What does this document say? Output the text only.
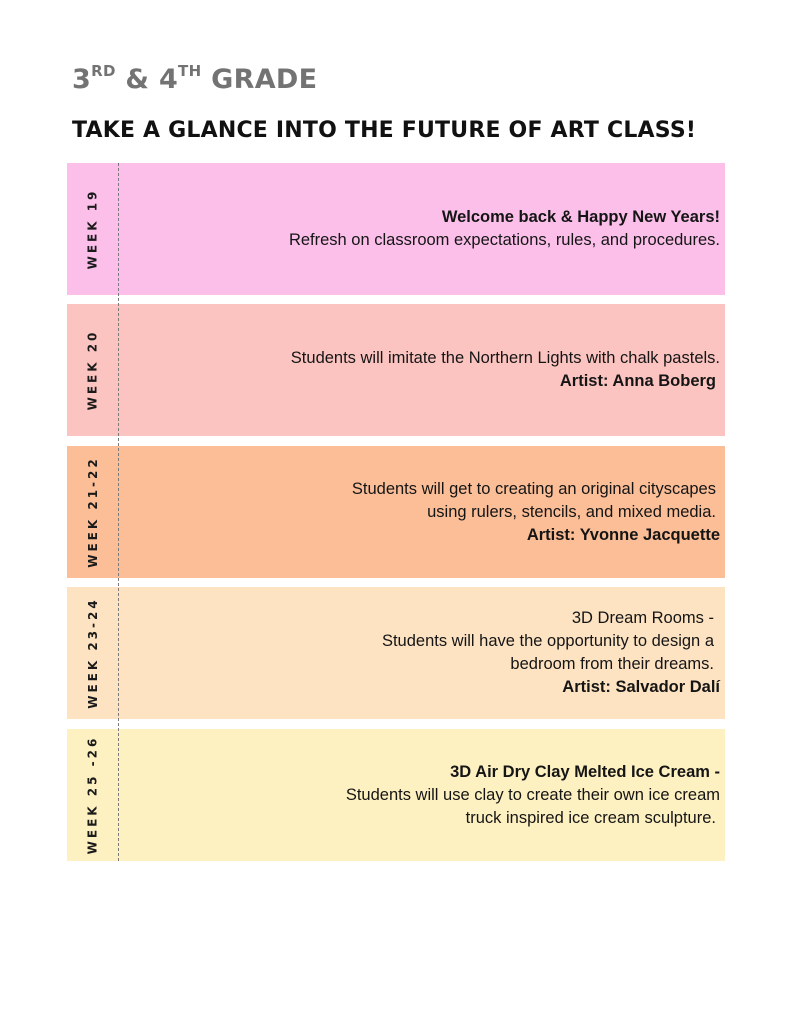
3RD & 4TH GRADE
TAKE A GLANCE INTO THE FUTURE OF ART CLASS!
WEEK 19	Welcome back & Happy New Years!
Refresh on classroom expectations, rules, and procedures.
WEEK 20	Students will imitate the Northern Lights with chalk pastels.
Artist: Anna Boberg
WEEK 21-22	Students will get to creating an original cityscapes
using rulers, stencils, and mixed media.
Artist: Yvonne Jacquette
WEEK 23-24	3D Dream Rooms -
Students will have the opportunity to design a
bedroom from their dreams.
Artist: Salvador Dalí
WEEK 25 -26	3D Air Dry Clay Melted Ice Cream -
Students will use clay to create their own ice cream
truck inspired ice cream sculpture.
